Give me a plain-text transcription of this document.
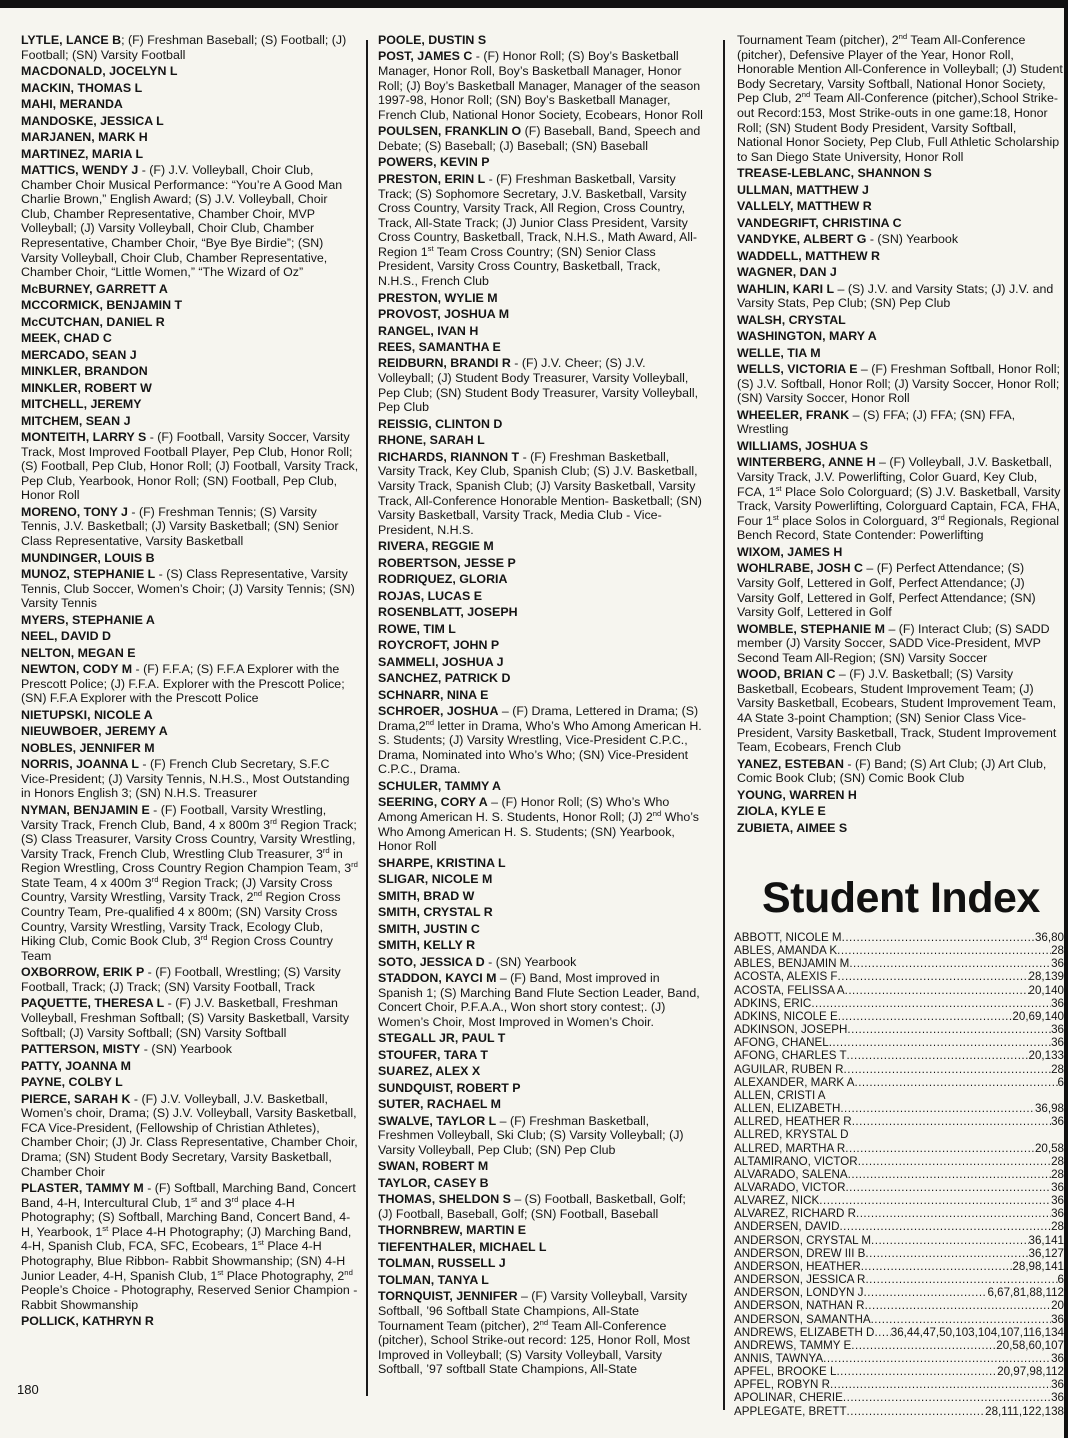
LYTLE, LANCE B; (F) Freshman Baseball; (S) Football; (J) Football; (SN) Varsity Football
MACDONALD, JOCELYN L
MACKIN, THOMAS L
MAHI, MERANDA
MANDOSKE, JESSICA L
MARJANEN, MARK H
MARTINEZ, MARIA L
MATTICS, WENDY J - (F) J.V. Volleyball, Choir Club, Chamber Choir Musical Performance: “You’re A Good Man Charlie Brown,” English Award; (S) J.V. Volleyball, Choir Club, Chamber Representative, Chamber Choir, MVP Volleyball; (J) Varsity Volleyball, Choir Club, Chamber Representative, Chamber Choir, “Bye Bye Birdie”; (SN) Varsity Volleyball, Choir Club, Chamber Representative, Chamber Choir, “Little Women,” “The Wizard of Oz”
McBURNEY, GARRETT A
MCCORMICK, BENJAMIN T
McCUTCHAN, DANIEL R
MEEK, CHAD C
MERCADO, SEAN J
MINKLER, BRANDON
MINKLER, ROBERT W
MITCHELL, JEREMY
MITCHEM, SEAN J
MONTEITH, LARRY S - (F) Football, Varsity Soccer, Varsity Track, Most Improved Football Player, Pep Club, Honor Roll; (S) Football, Pep Club, Honor Roll; (J) Football, Varsity Track, Pep Club, Yearbook, Honor Roll; (SN) Football, Pep Club, Honor Roll
MORENO, TONY J - (F) Freshman Tennis; (S) Varsity Tennis, J.V. Basketball; (J) Varsity Basketball; (SN) Senior Class Representative, Varsity Basketball
MUNDINGER, LOUIS B
MUNOZ, STEPHANIE L - (S) Class Representative, Varsity Tennis, Club Soccer, Women’s Choir; (J) Varsity Tennis; (SN) Varsity Tennis
MYERS, STEPHANIE A
NEEL, DAVID D
NELTON, MEGAN E
NEWTON, CODY M - (F) F.F.A; (S) F.F.A Explorer with the Prescott Police; (J) F.F.A. Explorer with the Prescott Police; (SN) F.F.A Explorer with the Prescott Police
NIETUPSKI, NICOLE A
NIEUWBOER, JEREMY A
NOBLES, JENNIFER M
NORRIS, JOANNA L - (F) French Club Secretary, S.F.C Vice-President; (J) Varsity Tennis, N.H.S., Most Outstanding in Honors English 3; (SN) N.H.S. Treasurer
NYMAN, BENJAMIN E - (F) Football, Varsity Wrestling, Varsity Track, French Club, Band, 4 x 800m 3rd Region Track; (S) Class Treasurer, Varsity Cross Country, Varsity Wrestling, Varsity Track, French Club, Wrestling Club Treasurer, 3rd in Region Wrestling, Cross Country Region Champion Team, 3rd State Team, 4 x 400m 3rd Region Track; (J) Varsity Cross Country, Varsity Wrestling, Varsity Track, 2nd Region Cross Country Team, Pre-qualified 4 x 800m; (SN) Varsity Cross Country, Varsity Wrestling, Varsity Track, Ecology Club, Hiking Club, Comic Book Club, 3rd Region Cross Country Team
OXBORROW, ERIK P - (F) Football, Wrestling; (S) Varsity Football, Track; (J) Track; (SN) Varsity Football, Track
PAQUETTE, THERESA L - (F) J.V. Basketball, Freshman Volleyball, Freshman Softball; (S) Varsity Basketball, Varsity Softball; (J) Varsity Softball; (SN) Varsity Softball
PATTERSON, MISTY - (SN) Yearbook
PATTY, JOANNA M
PAYNE, COLBY L
PIERCE, SARAH K - (F) J.V. Volleyball, J.V. Basketball, Women’s choir, Drama; (S) J.V. Volleyball, Varsity Basketball, FCA Vice-President, (Fellowship of Christian Athletes), Chamber Choir; (J) Jr. Class Representative, Chamber Choir, Drama; (SN) Student Body Secretary, Varsity Basketball, Chamber Choir
PLASTER, TAMMY M - (F) Softball, Marching Band, Concert Band, 4-H, Intercultural Club, 1st and 3rd place 4-H Photography; (S) Softball, Marching Band, Concert Band, 4-H, Yearbook, 1st Place 4-H Photography; (J) Marching Band, 4-H, Spanish Club, FCA, SFC, Ecobears, 1st Place 4-H Photography, Blue Ribbon- Rabbit Showmanship; (SN) 4-H Junior Leader, 4-H, Spanish Club, 1st Place Photography, 2nd People’s Choice - Photography, Reserved Senior Champion - Rabbit Showmanship
POLLICK, KATHRYN R
POOLE, DUSTIN S
POST, JAMES C - (F) Honor Roll; (S) Boy’s Basketball Manager, Honor Roll, Boy’s Basketball Manager, Honor Roll; (J) Boy’s Basketball Manager, Manager of the season 1997-98, Honor Roll; (SN) Boy’s Basketball Manager, French Club, National Honor Society, Ecobears, Honor Roll
POULSEN, FRANKLIN O (F) Baseball, Band, Speech and Debate; (S) Baseball; (J) Baseball; (SN) Baseball
POWERS, KEVIN P
PRESTON, ERIN L - (F) Freshman Basketball, Varsity Track; (S) Sophomore Secretary, J.V. Basketball, Varsity Cross Country, Varsity Track, All Region, Cross Country, Track, All-State Track; (J) Junior Class President, Varsity Cross Country, Basketball, Track, N.H.S., Math Award, All-Region 1st Team Cross Country; (SN) Senior Class President, Varsity Cross Country, Basketball, Track, N.H.S., French Club
PRESTON, WYLIE M
PROVOST, JOSHUA M
RANGEL, IVAN H
REES, SAMANTHA E
REIDBURN, BRANDI R - (F) J.V. Cheer; (S) J.V. Volleyball; (J) Student Body Treasurer, Varsity Volleyball, Pep Club; (SN) Student Body Treasurer, Varsity Volleyball, Pep Club
REISSIG, CLINTON D
RHONE, SARAH L
RICHARDS, RIANNON T - (F) Freshman Basketball, Varsity Track, Key Club, Spanish Club; (S) J.V. Basketball, Varsity Track, Spanish Club; (J) Varsity Basketball, Varsity Track, All-Conference Honorable Mention- Basketball; (SN) Varsity Basketball, Varsity Track, Media Club - Vice-President, N.H.S.
RIVERA, REGGIE M
ROBERTSON, JESSE P
RODRIQUEZ, GLORIA
ROJAS, LUCAS E
ROSENBLATT, JOSEPH
ROWE, TIM L
ROYCROFT, JOHN P
SAMMELI, JOSHUA J
SANCHEZ, PATRICK D
SCHNARR, NINA E
SCHROER, JOSHUA – (F) Drama, Lettered in Drama; (S) Drama,2nd letter in Drama, Who’s Who Among American H. S. Students; (J) Varsity Wrestling, Vice-President C.P.C., Drama, Nominated into Who’s Who; (SN) Vice-President C.P.C., Drama.
SCHULER, TAMMY A
SEERING, CORY A – (F) Honor Roll; (S) Who’s Who Among American H. S. Students, Honor Roll; (J) 2nd Who’s Who Among American H. S. Students; (SN) Yearbook, Honor Roll
SHARPE, KRISTINA L
SLIGAR, NICOLE M
SMITH, BRAD W
SMITH, CRYSTAL R
SMITH, JUSTIN C
SMITH, KELLY R
SOTO, JESSICA D - (SN) Yearbook
STADDON, KAYCI M – (F) Band, Most improved in Spanish 1; (S) Marching Band Flute Section Leader, Band, Concert Choir, P.F.A.A., Won short story contest;. (J) Women’s Choir, Most Improved in Women’s Choir.
STEGALL JR, PAUL T
STOUFER, TARA T
SUAREZ, ALEX X
SUNDQUIST, ROBERT P
SUTER, RACHAEL M
SWALVE, TAYLOR L – (F) Freshman Basketball, Freshmen Volleyball, Ski Club; (S) Varsity Volleyball; (J) Varsity Volleyball, Pep Club; (SN) Pep Club
SWAN, ROBERT M
TAYLOR, CASEY B
THOMAS, SHELDON S – (S) Football, Basketball, Golf; (J) Football, Baseball, Golf; (SN) Football, Baseball
THORNBREW, MARTIN E
TIEFENTHALER, MICHAEL L
TOLMAN, RUSSELL J
TOLMAN, TANYA L
TORNQUIST, JENNIFER – (F) Varsity Volleyball, Varsity Softball, ’96 Softball State Champions, All-State Tournament Team (pitcher), 2nd Team All-Conference (pitcher), School Strike-out record: 125, Honor Roll, Most Improved in Volleyball; (S) Varsity Volleyball, Varsity Softball, ’97 softball State Champions, All-State
Tournament Team (pitcher), 2nd Team All-Conference (pitcher), Defensive Player of the Year, Honor Roll, Honorable Mention All-Conference in Volleyball; (J) Student Body Secretary, Varsity Softball, National Honor Society, Pep Club, 2nd Team All-Conference (pitcher),School Strike-out Record:153, Most Strike-outs in one game:18, Honor Roll; (SN) Student Body President, Varsity Softball, National Honor Society, Pep Club, Full Athletic Scholarship to San Diego State University, Honor Roll
TREASE-LEBLANC, SHANNON S
ULLMAN, MATTHEW J
VALLELY, MATTHEW R
VANDEGRIFT, CHRISTINA C
VANDYKE, ALBERT G - (SN) Yearbook
WADDELL, MATTHEW R
WAGNER, DAN J
WAHLIN, KARI L – (S) J.V. and Varsity Stats; (J) J.V. and Varsity Stats, Pep Club; (SN) Pep Club
WALSH, CRYSTAL
WASHINGTON, MARY A
WELLE, TIA M
WELLS, VICTORIA E – (F) Freshman Softball, Honor Roll; (S) J.V. Softball, Honor Roll; (J) Varsity Soccer, Honor Roll; (SN) Varsity Soccer, Honor Roll
WHEELER, FRANK – (S) FFA; (J) FFA; (SN) FFA, Wrestling
WILLIAMS, JOSHUA S
WINTERBERG, ANNE H – (F) Volleyball, J.V. Basketball, Varsity Track, J.V. Powerlifting, Color Guard, Key Club, FCA, 1st Place Solo Colorguard; (S) J.V. Basketball, Varsity Track, Varsity Powerlifting, Colorguard Captain, FCA, FHA, Four 1st place Solos in Colorguard, 3rd Regionals, Regional Bench Record, State Contender: Powerlifting
WIXOM, JAMES H
WOHLRABE, JOSH C – (F) Perfect Attendance; (S) Varsity Golf, Lettered in Golf, Perfect Attendance; (J) Varsity Golf, Lettered in Golf, Perfect Attendance; (SN) Varsity Golf, Lettered in Golf
WOMBLE, STEPHANIE M – (F) Interact Club; (S) SADD member (J) Varsity Soccer, SADD Vice-President, MVP Second Team All-Region; (SN) Varsity Soccer
WOOD, BRIAN C – (F) J.V. Basketball; (S) Varsity Basketball, Ecobears, Student Improvement Team; (J) Varsity Basketball, Ecobears, Student Improvement Team, 4A State 3-point Chamption; (SN) Senior Class Vice-President, Varsity Basketball, Track, Student Improvement Team, Ecobears, French Club
YANEZ, ESTEBAN - (F) Band; (S) Art Club; (J) Art Club, Comic Book Club; (SN) Comic Book Club
YOUNG, WARREN H
ZIOLA, KYLE E
ZUBIETA, AIMEE S
Student Index
ABBOTT, NICOLE M .....	36,80
ABLES, AMANDA K .....	28
ABLES, BENJAMIN M .....	36
ACOSTA, ALEXIS F .....	28,139
ACOSTA, FELISSA A .....	20,140
ADKINS, ERIC .....	36
ADKINS, NICOLE E .....	20,69,140
ADKINSON, JOSEPH .....	36
AFONG, CHANEL .....	36
AFONG, CHARLES T .....	20,133
AGUILAR, RUBEN R .....	28
ALEXANDER, MARK A .....	6
ALLEN, CRISTI A
ALLEN, ELIZABETH .....	36,98
ALLRED, HEATHER R .....	36
ALLRED, KRYSTAL D
ALLRED, MARTHA R .....	20,58
ALTAMIRANO, VICTOR .....	28
ALVARADO, SALENA .....	28
ALVARADO, VICTOR .....	36
ALVAREZ, NICK .....	36
ALVAREZ, RICHARD R .....	36
ANDERSEN, DAVID .....	28
ANDERSON, CRYSTAL M .....	36,141
ANDERSON, DREW III B .....	36,127
ANDERSON, HEATHER .....	28,98,141
ANDERSON, JESSICA R .....	6
ANDERSON, LONDYN J .....	6,67,81,88,112
ANDERSON, NATHAN R .....	20
ANDERSON, SAMANTHA .....	36
ANDREWS, ELIZABETH D ..... 36,44,47,50,103,104,107,116,134
ANDREWS, TAMMY E .....	20,58,60,107
ANNIS, TAWNYA .....	36
APFEL, BROOKE L .....	20,97,98,112
APFEL, ROBYN R .....	36
APOLINAR, CHERIE .....	36
APPLEGATE, BRETT .....	28,111,122,138
180
